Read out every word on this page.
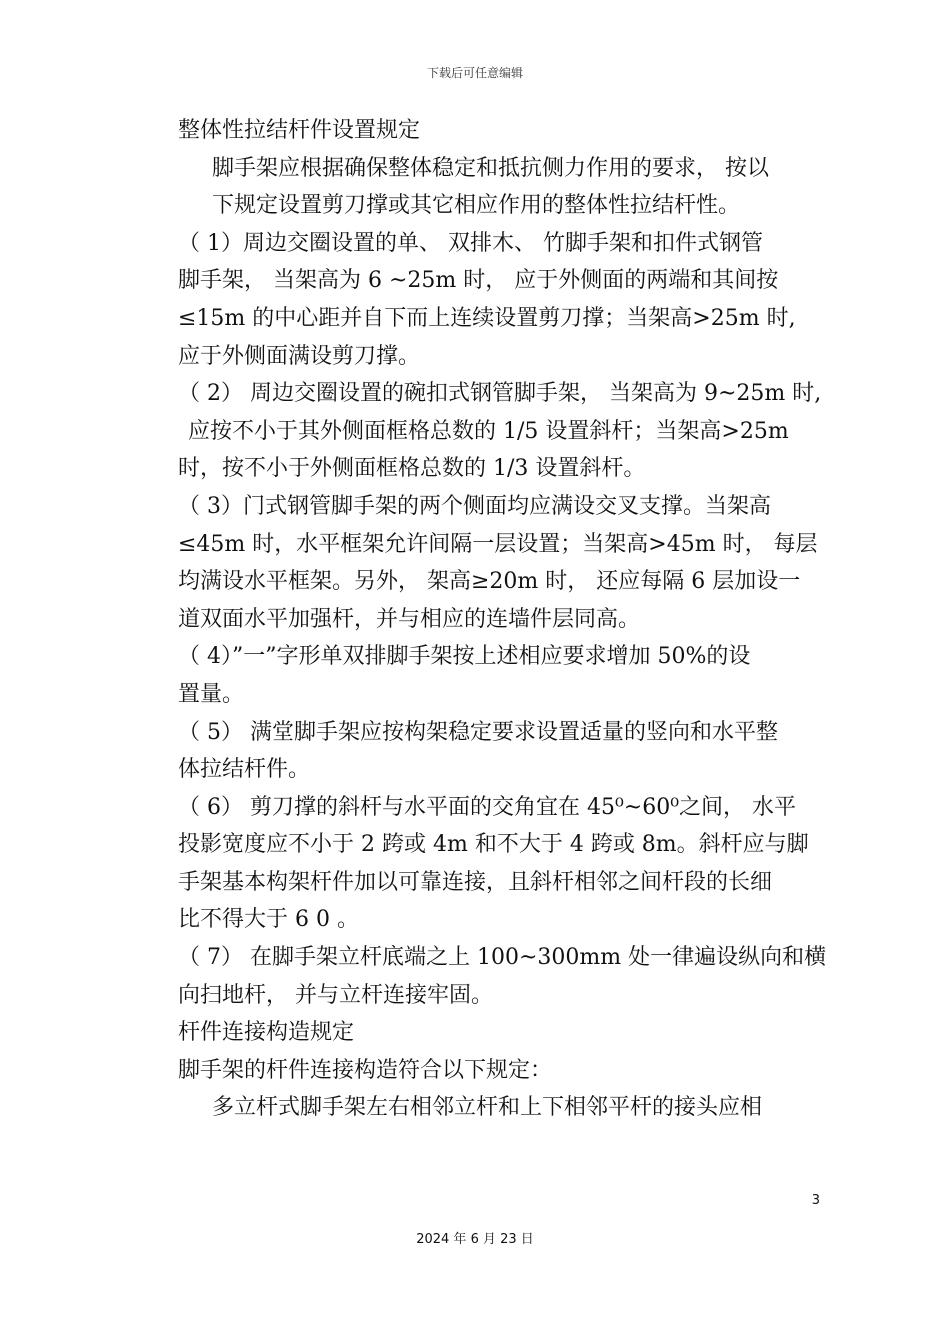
下载后可任意编辑
整体性拉结杆件设置规定
脚手架应根据确保整体稳定和抵抗侧力作用的要求， 按以
下规定设置剪刀撑或其它相应作用的整体性拉结杆性。
（ 1）周边交圈设置的单、 双排木、 竹脚手架和扣件式钢管
脚手架， 当架高为 6 ~25m 时， 应于外侧面的两端和其间按
≤15m 的中心距并自下而上连续设置剪刀撑；当架高>25m 时,
应于外侧面满设剪刀撑。
（ 2） 周边交圈设置的碗扣式钢管脚手架， 当架高为 9~25m 时,
应按不小于其外侧面框格总数的 1/5 设置斜杆；当架高>25m
时，按不小于外侧面框格总数的 1/3 设置斜杆。
（ 3）门式钢管脚手架的两个侧面均应满设交叉支撑。当架高
≤45m 时，水平框架允许间隔一层设置；当架高>45m 时， 每层
均满设水平框架。另外， 架高≥20m 时， 还应每隔 6 层加设一
道双面水平加强杆，并与相应的连墙件层同高。
（ 4）”一”字形单双排脚手架按上述相应要求增加 50%的设
置量。
（ 5） 满堂脚手架应按构架稳定要求设置适量的竖向和水平整
体拉结杆件。
（ 6） 剪刀撑的斜杆与水平面的交角宜在 45⁰~60⁰之间， 水平
投影宽度应不小于 2 跨或 4m 和不大于 4 跨或 8m。斜杆应与脚
手架基本构架杆件加以可靠连接，且斜杆相邻之间杆段的长细
比不得大于 6 0 。
（ 7） 在脚手架立杆底端之上 100~300mm 处一律遍设纵向和横
向扫地杆， 并与立杆连接牢固。
杆件连接构造规定
脚手架的杆件连接构造符合以下规定：
多立杆式脚手架左右相邻立杆和上下相邻平杆的接头应相
3
2024 年 6 月 23 日
